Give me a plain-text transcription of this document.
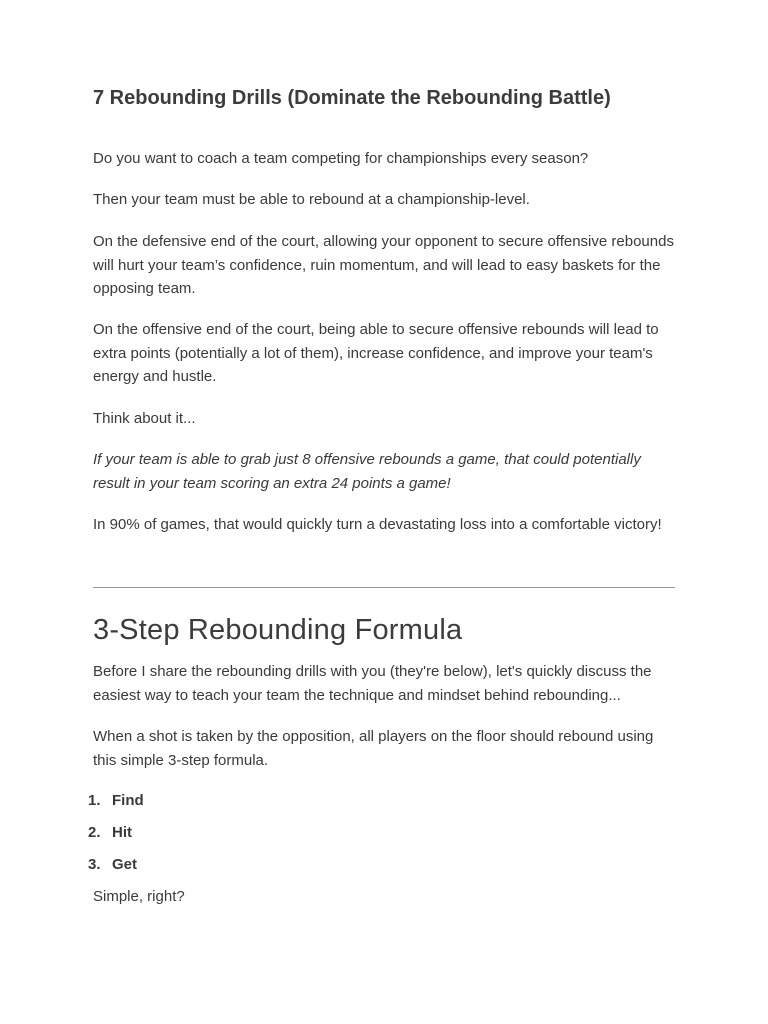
7 Rebounding Drills (Dominate the Rebounding Battle)

Do you want to coach a team competing for championships every season?

Then your team must be able to rebound at a championship-level.

On the defensive end of the court, allowing your opponent to secure offensive rebounds will hurt your team’s confidence, ruin momentum, and will lead to easy baskets for the opposing team.

On the offensive end of the court, being able to secure offensive rebounds will lead to extra points (potentially a lot of them), increase confidence, and improve your team's energy and hustle.

Think about it...

If your team is able to grab just 8 offensive rebounds a game, that could potentially result in your team scoring an extra 24 points a game!

In 90% of games, that would quickly turn a devastating loss into a comfortable victory!

3-Step Rebounding Formula

Before I share the rebounding drills with you (they're below), let's quickly discuss the easiest way to teach your team the technique and mindset behind rebounding...

When a shot is taken by the opposition, all players on the floor should rebound using this simple 3-step formula.

1. Find
2. Hit
3. Get

Simple, right?
